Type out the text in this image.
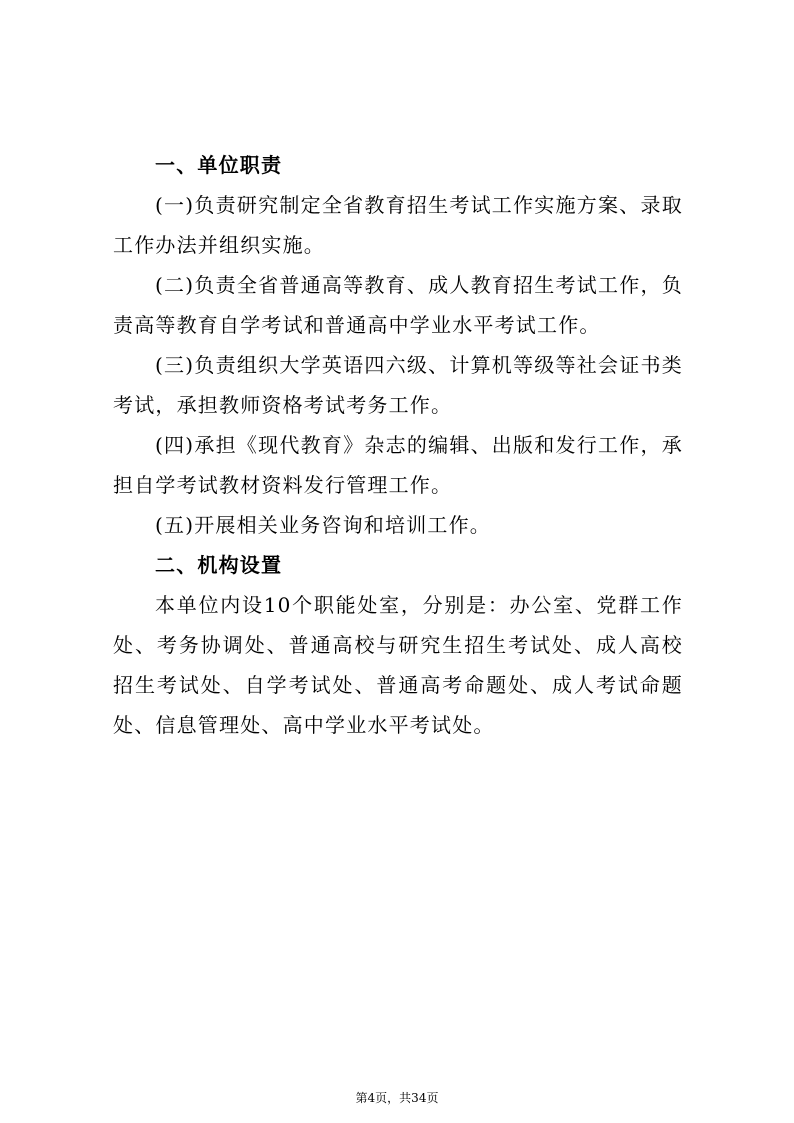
一、单位职责

(一)负责研究制定全省教育招生考试工作实施方案、录取工作办法并组织实施。

(二)负责全省普通高等教育、成人教育招生考试工作，负责高等教育自学考试和普通高中学业水平考试工作。

(三)负责组织大学英语四六级、计算机等级等社会证书类考试，承担教师资格考试考务工作。

(四)承担《现代教育》杂志的编辑、出版和发行工作，承担自学考试教材资料发行管理工作。

(五)开展相关业务咨询和培训工作。

二、机构设置

本单位内设10个职能处室，分别是：办公室、党群工作处、考务协调处、普通高校与研究生招生考试处、成人高校招生考试处、自学考试处、普通高考命题处、成人考试命题处、信息管理处、高中学业水平考试处。

第4页，共34页
